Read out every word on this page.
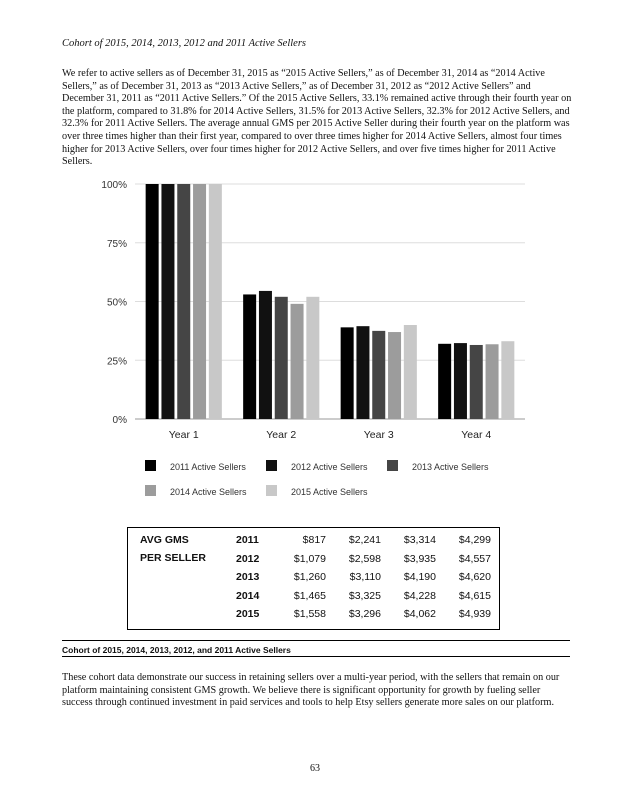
Cohort of 2015, 2014, 2013, 2012 and 2011 Active Sellers
We refer to active sellers as of December 31, 2015 as “2015 Active Sellers,” as of December 31, 2014 as “2014 Active Sellers,” as of December 31, 2013 as “2013 Active Sellers,” as of December 31, 2012 as “2012 Active Sellers” and December 31, 2011 as “2011 Active Sellers.” Of the 2015 Active Sellers, 33.1% remained active through their fourth year on the platform, compared to 31.8% for 2014 Active Sellers, 31.5% for 2013 Active Sellers, 32.3% for 2012 Active Sellers, and 32.3% for 2011 Active Sellers. The average annual GMS per 2015 Active Seller during their fourth year on the platform was over three times higher than their first year, compared to over three times higher for 2014 Active Sellers, almost four times higher for 2013 Active Sellers, over four times higher for 2012 Active Sellers, and over five times higher for 2011 Active Sellers.
0%
25%
50%
75%
100%
Year 1	Year 2	Year 3	Year 4
2011 Active Sellers	2012 Active Sellers	2013 Active Sellers
2014 Active Sellers	2015 Active Sellers
AVG GMS
PER SELLER
2011	$817 $2,241 $3,314 $4,299
2012	$1,079 $2,598 $3,935 $4,557
2013	$1,260 $3,110 $4,190 $4,620
2014	$1,465 $3,325 $4,228 $4,615
2015	$1,558 $3,296 $4,062 $4,939
Cohort of 2015, 2014, 2013, 2012, and 2011 Active Sellers
These cohort data demonstrate our success in retaining sellers over a multi-year period, with the sellers that remain on our platform maintaining consistent GMS growth. We believe there is significant opportunity for growth by fueling seller success through continued investment in paid services and tools to help Etsy sellers generate more sales on our platform.
63
